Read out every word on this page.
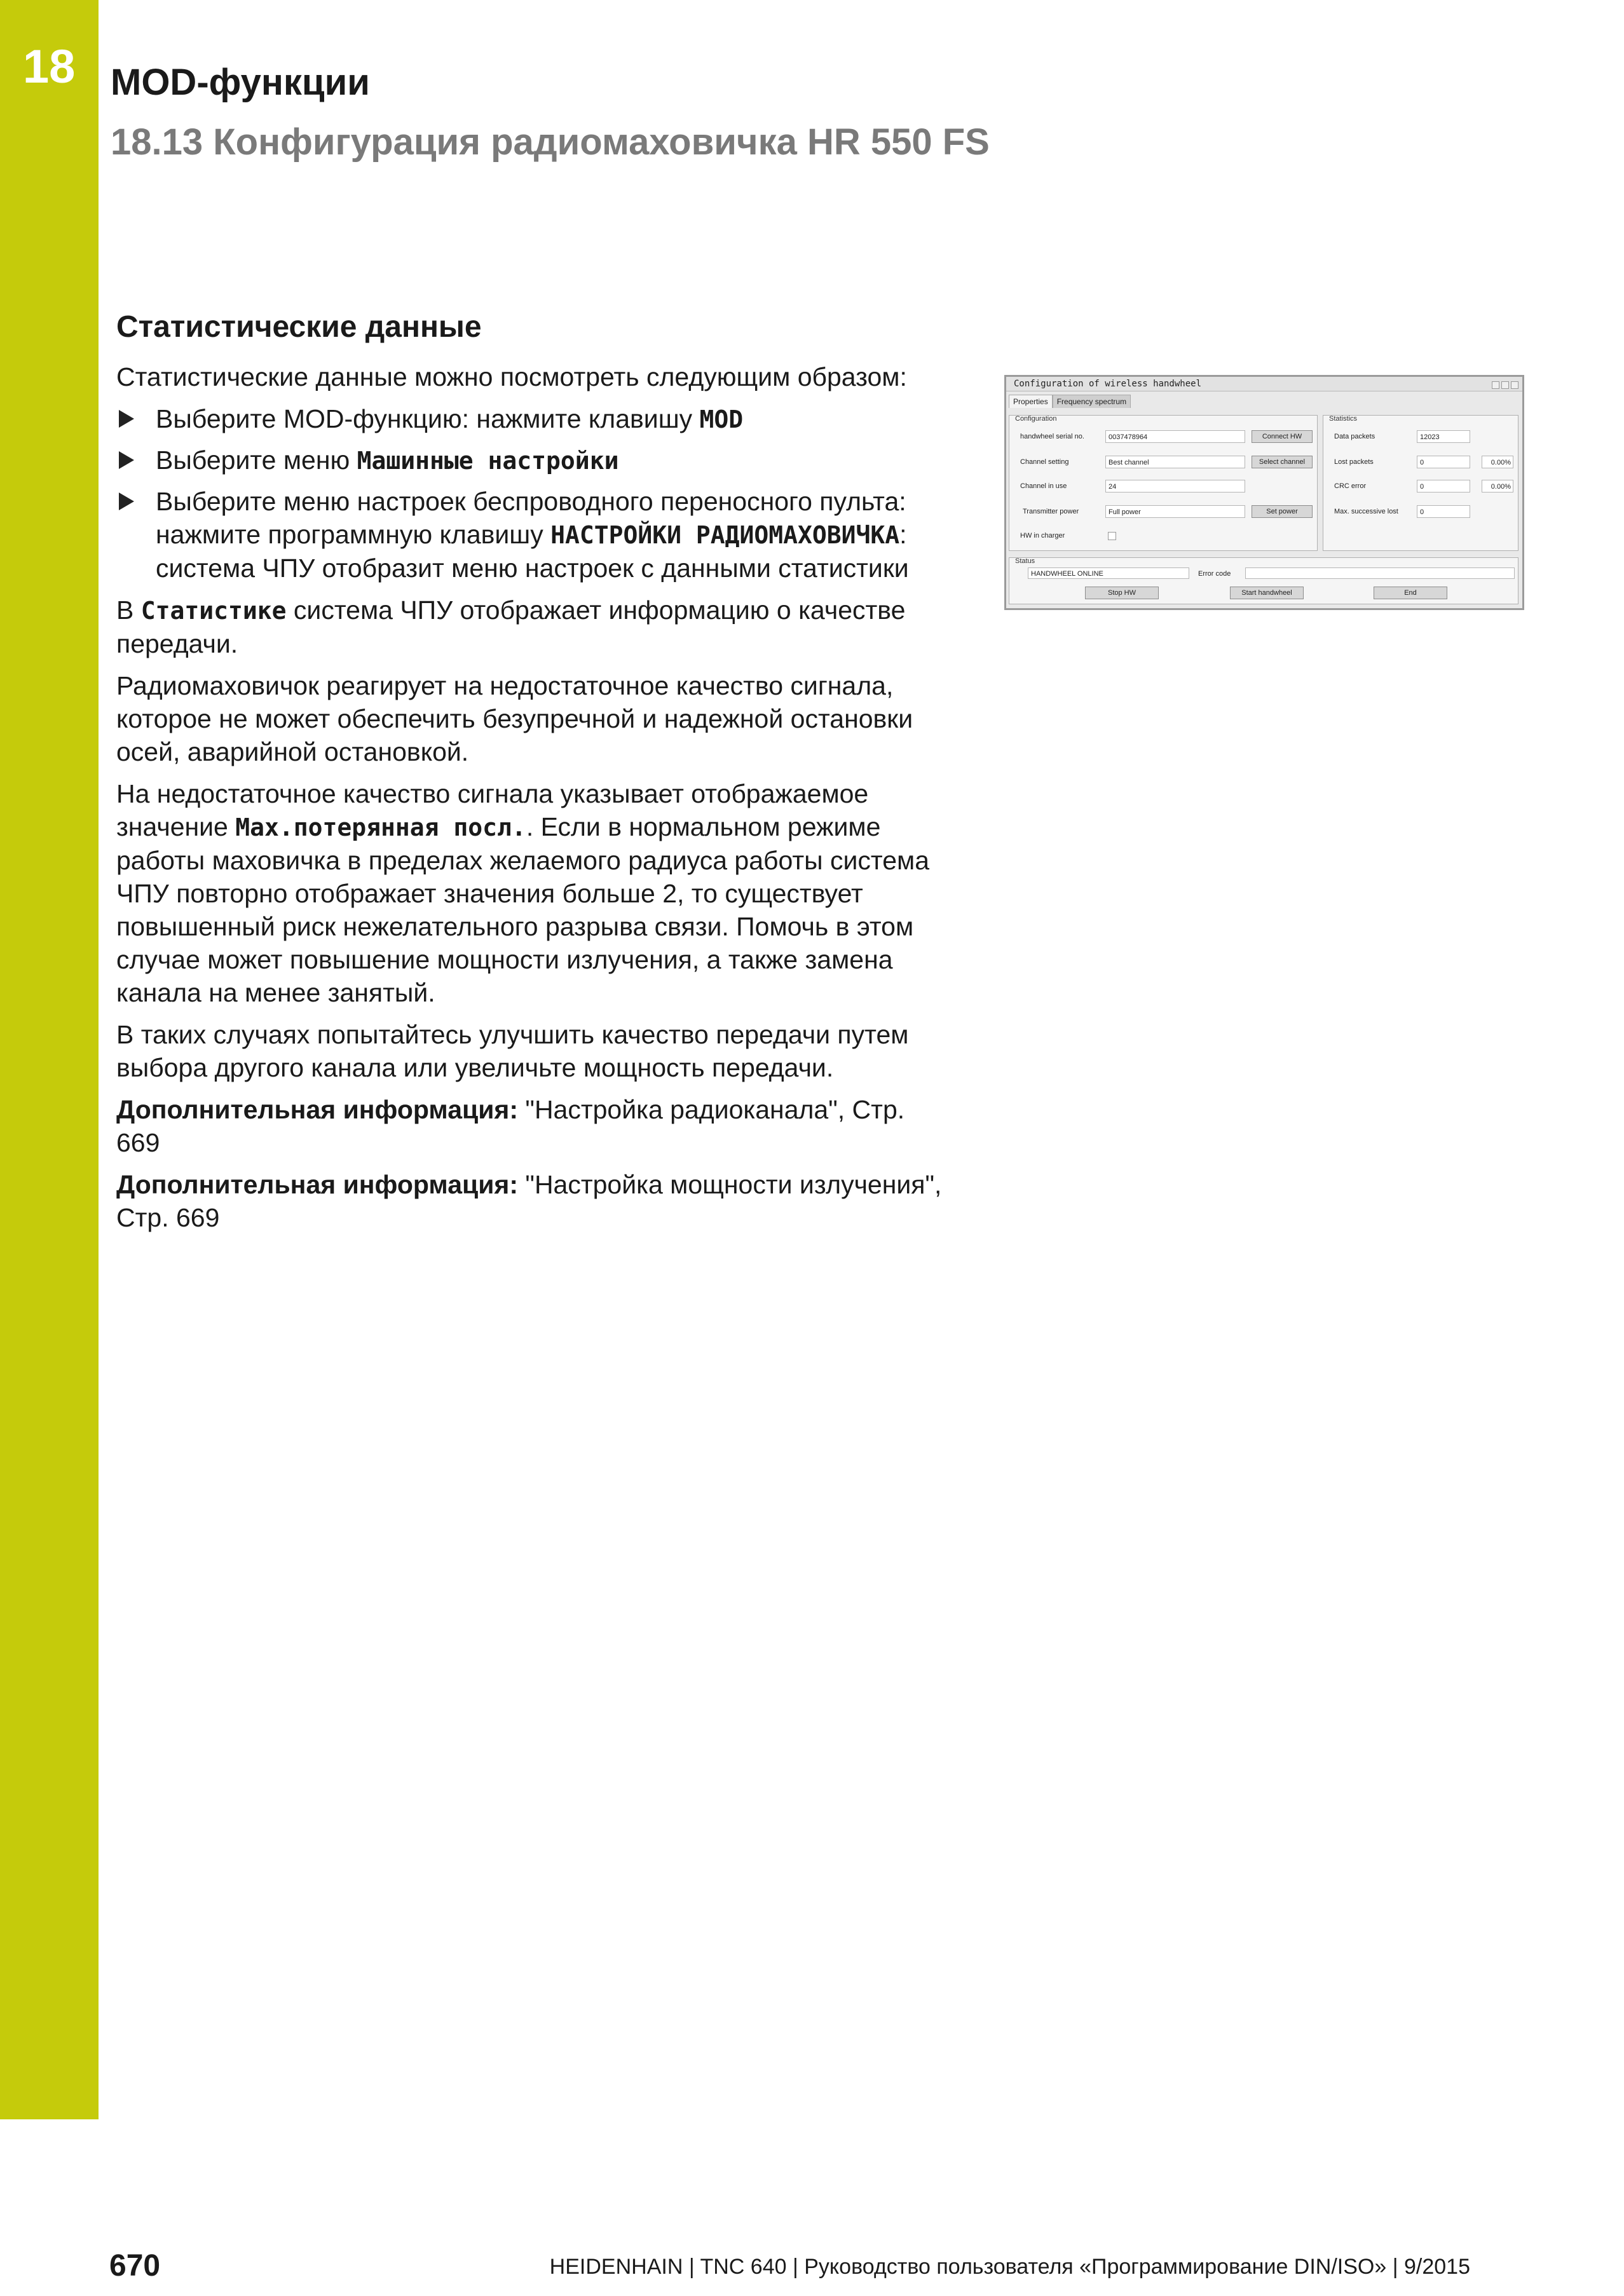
18 MOD-функции
18.13 Конфигурация радиомаховичка HR 550 FS
Статистические данные

Статистические данные можно посмотреть следующим образом:

Выберите MOD-функцию: нажмите клавишу MOD
Выберите меню Машинные настройки
Выберите меню настроек беспроводного переносного пульта: нажмите программную клавишу НАСТРОЙКИ РАДИОМАХОВИЧКА: система ЧПУ отобразит меню настроек с данными статистики

В Статистике система ЧПУ отображает информацию о качестве передачи.

Радиомаховичок реагирует на недостаточное качество сигнала, которое не может обеспечить безупречной и надежной остановки осей, аварийной остановкой.

На недостаточное качество сигнала указывает отображаемое значение Max.потерянная посл.. Если в нормальном режиме работы маховичка в пределах желаемого радиуса работы система ЧПУ повторно отображает значения больше 2, то существует повышенный риск нежелательного разрыва связи. Помочь в этом случае может повышение мощности излучения, а также замена канала на менее занятый.

В таких случаях попытайтесь улучшить качество передачи путем выбора другого канала или увеличьте мощность передачи.

Дополнительная информация: "Настройка радиоканала", Стр. 669

Дополнительная информация: "Настройка мощности излучения", Стр. 669

Configuration of wireless handwheel
Properties Frequency spectrum
Configuration
handwheel serial no.	0037478964	Connect HW
Channel setting	Best channel	Select channel
Channel in use	24
Transmitter power	Full power	Set power
HW in charger
Statistics
Data packets	12023
Lost packets	0	0.00%
CRC error	0	0.00%
Max. successive lost	0
Status
HANDWHEEL ONLINE	Error code
Stop HW	Start handwheel	End
670	HEIDENHAIN | TNC 640 | Руководство пользователя «Программирование DIN/ISO» | 9/2015
